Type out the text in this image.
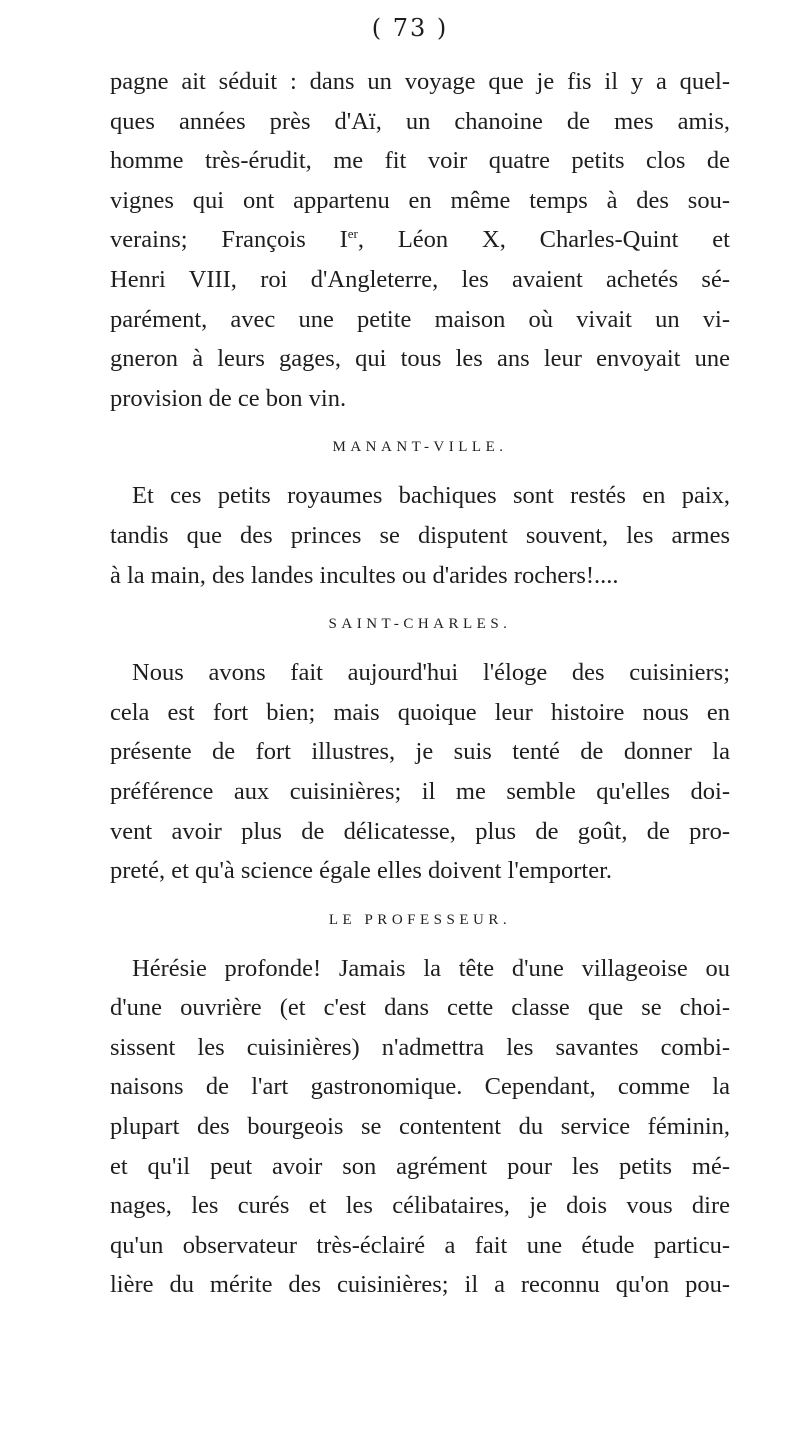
( 73 )
pagne ait séduit : dans un voyage que je fis il y a quel-
ques années près d'Aï, un chanoine de mes amis,
homme très-érudit, me fit voir quatre petits clos de
vignes qui ont appartenu en même temps à des sou-
verains; François Ier, Léon X, Charles-Quint et
Henri VIII, roi d'Angleterre, les avaient achetés sé-
parément, avec une petite maison où vivait un vi-
gneron à leurs gages, qui tous les ans leur envoyait une
provision de ce bon vin.
MANANT-VILLE.
Et ces petits royaumes bachiques sont restés en paix,
tandis que des princes se disputent souvent, les armes
à la main, des landes incultes ou d'arides rochers!....
SAINT-CHARLES.
Nous avons fait aujourd'hui l'éloge des cuisiniers;
cela est fort bien; mais quoique leur histoire nous en
présente de fort illustres, je suis tenté de donner la
préférence aux cuisinières; il me semble qu'elles doi-
vent avoir plus de délicatesse, plus de goût, de pro-
preté, et qu'à science égale elles doivent l'emporter.
LE PROFESSEUR.
Hérésie profonde! Jamais la tête d'une villageoise ou
d'une ouvrière (et c'est dans cette classe que se choi-
sissent les cuisinières) n'admettra les savantes combi-
naisons de l'art gastronomique. Cependant, comme la
plupart des bourgeois se contentent du service féminin,
et qu'il peut avoir son agrément pour les petits mé-
nages, les curés et les célibataires, je dois vous dire
qu'un observateur très-éclairé a fait une étude particu-
lière du mérite des cuisinières; il a reconnu qu'on pou-
